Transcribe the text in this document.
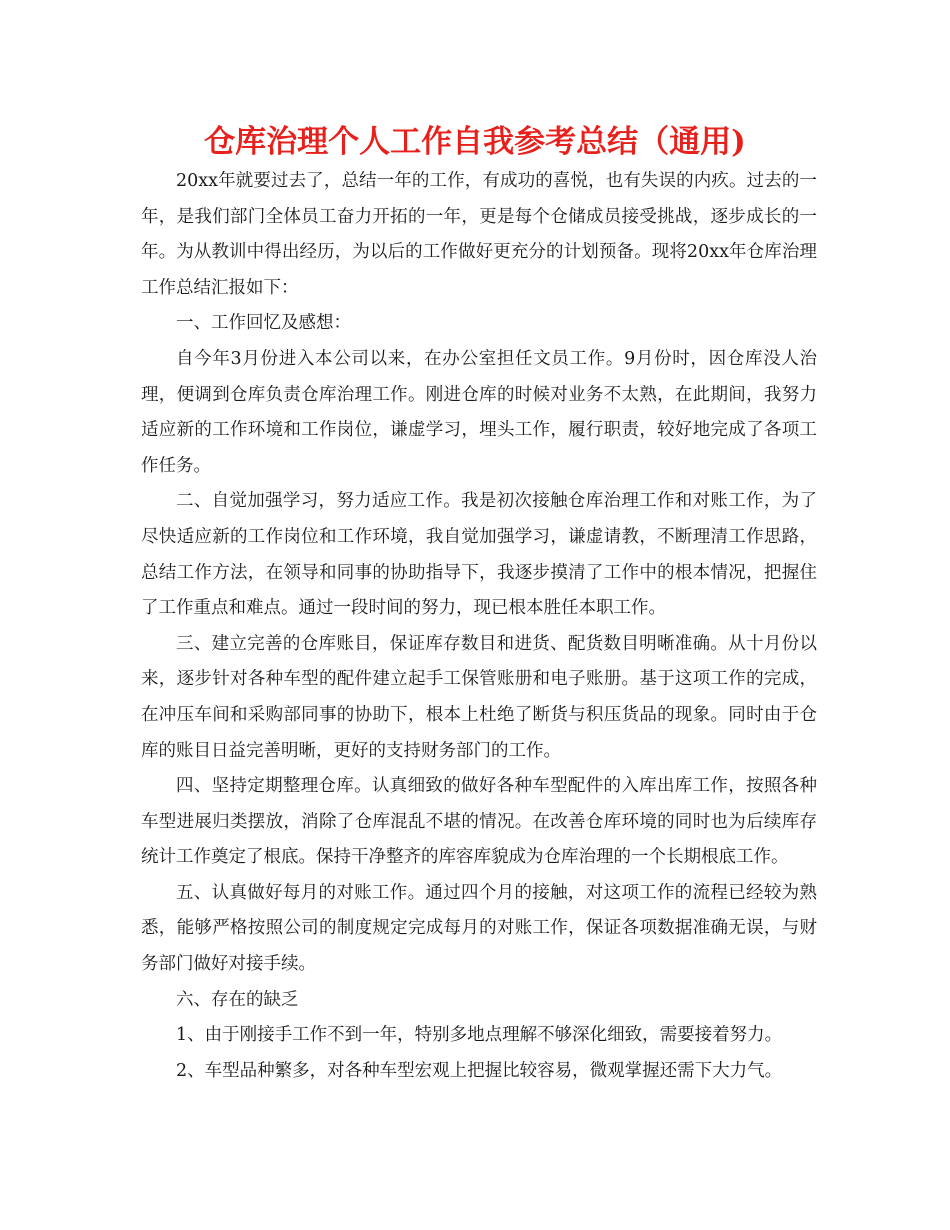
仓库治理个人工作自我参考总结（通用)

20xx年就要过去了，总结一年的工作，有成功的喜悦，也有失误的内疚。过去的一年，是我们部门全体员工奋力开拓的一年，更是每个仓储成员接受挑战，逐步成长的一年。为从教训中得出经历，为以后的工作做好更充分的计划预备。现将20xx年仓库治理工作总结汇报如下：

一、工作回忆及感想：

自今年3月份进入本公司以来，在办公室担任文员工作。9月份时，因仓库没人治理，便调到仓库负责仓库治理工作。刚进仓库的时候对业务不太熟，在此期间，我努力适应新的工作环境和工作岗位，谦虚学习，埋头工作，履行职责，较好地完成了各项工作任务。

二、自觉加强学习，努力适应工作。我是初次接触仓库治理工作和对账工作，为了尽快适应新的工作岗位和工作环境，我自觉加强学习，谦虚请教，不断理清工作思路，总结工作方法，在领导和同事的协助指导下，我逐步摸清了工作中的根本情况，把握住了工作重点和难点。通过一段时间的努力，现已根本胜任本职工作。

三、建立完善的仓库账目，保证库存数目和进货、配货数目明晰准确。从十月份以来，逐步针对各种车型的配件建立起手工保管账册和电子账册。基于这项工作的完成，在冲压车间和采购部同事的协助下，根本上杜绝了断货与积压货品的现象。同时由于仓库的账目日益完善明晰，更好的支持财务部门的工作。

四、坚持定期整理仓库。认真细致的做好各种车型配件的入库出库工作，按照各种车型进展归类摆放，消除了仓库混乱不堪的情况。在改善仓库环境的同时也为后续库存统计工作奠定了根底。保持干净整齐的库容库貌成为仓库治理的一个长期根底工作。

五、认真做好每月的对账工作。通过四个月的接触，对这项工作的流程已经较为熟悉，能够严格按照公司的制度规定完成每月的对账工作，保证各项数据准确无误，与财务部门做好对接手续。

六、存在的缺乏

1、由于刚接手工作不到一年，特别多地点理解不够深化细致，需要接着努力。

2、车型品种繁多，对各种车型宏观上把握比较容易，微观掌握还需下大力气。
